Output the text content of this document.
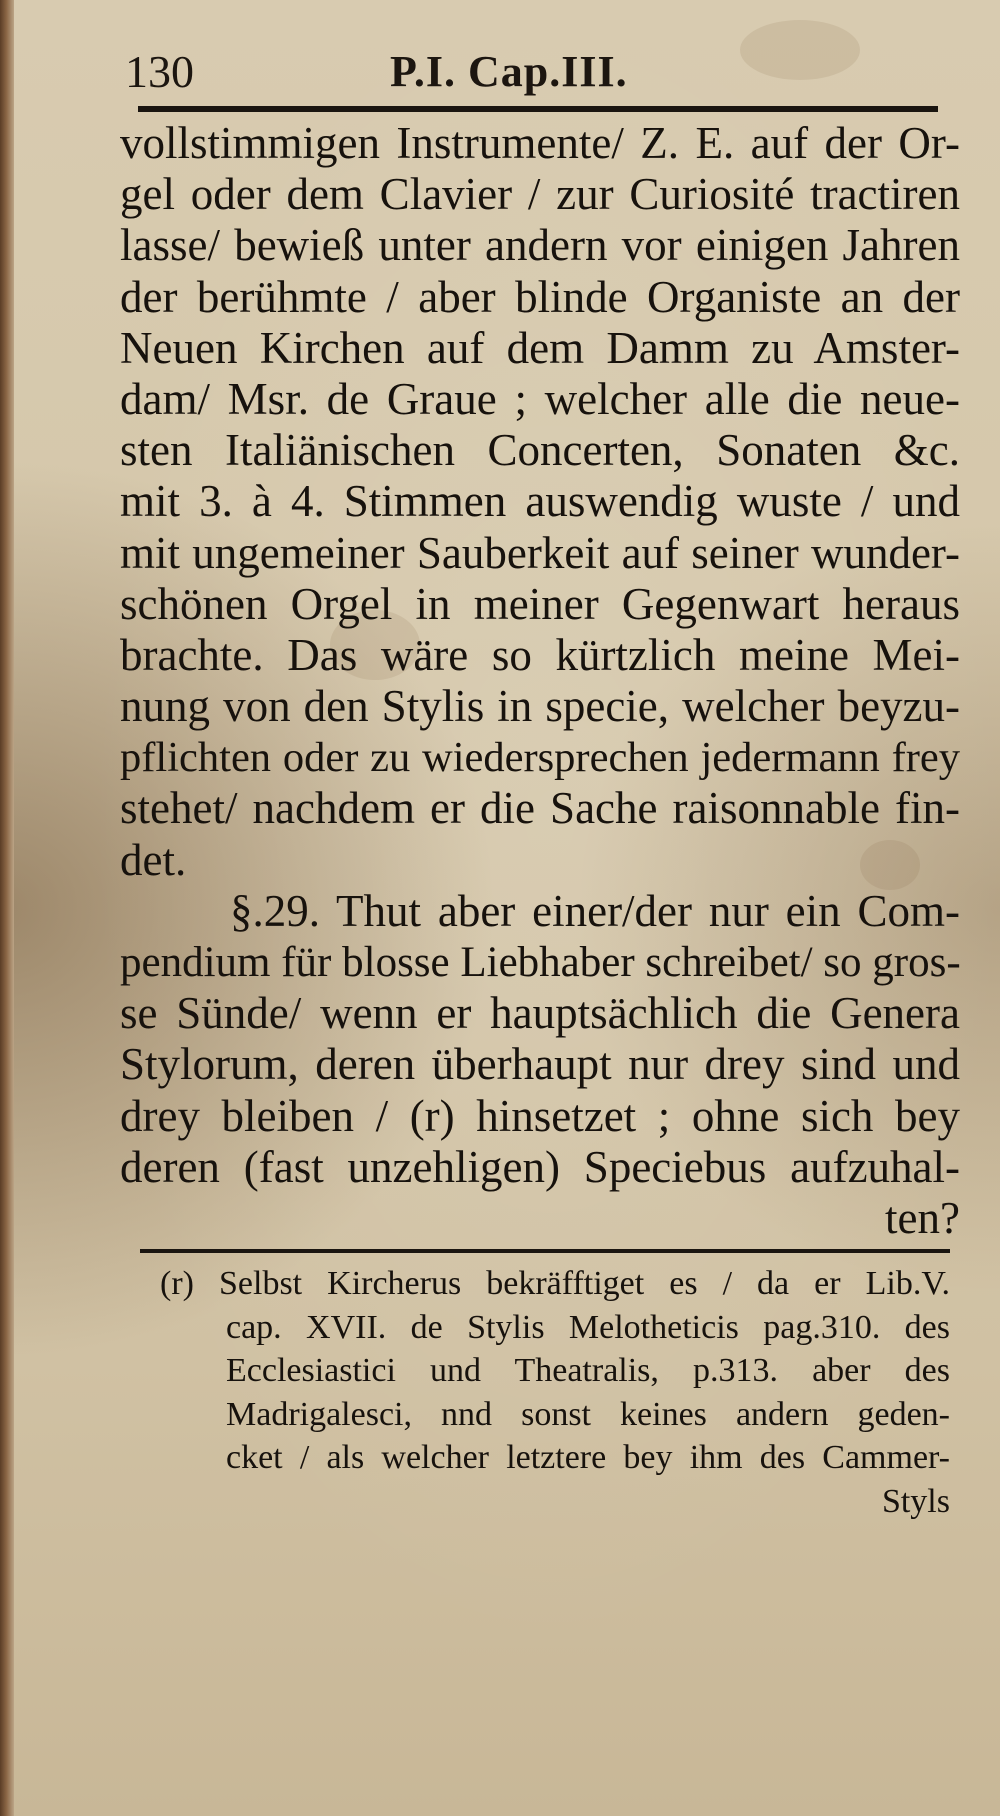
130	P.I. Cap.III.
vollstimmigen Instrumente/ Z. E. auf der Or-
gel oder dem Clavier / zur Curiosité tractiren
lasse/ bewieß unter andern vor einigen Jahren
der berühmte / aber blinde Organiste an der
Neuen Kirchen auf dem Damm zu Amster-
dam/ Msr. de Graue ; welcher alle die neue-
sten Italiänischen Concerten, Sonaten &c.
mit 3. à 4. Stimmen auswendig wuste / und
mit ungemeiner Sauberkeit auf seiner wunder-
schönen Orgel in meiner Gegenwart heraus
brachte. Das wäre so kürtzlich meine Mei-
nung von den Stylis in specie, welcher beyzu-
pflichten oder zu wiedersprechen jedermann frey
stehet/ nachdem er die Sache raisonnable fin-
det.
§.29. Thut aber einer/der nur ein Com-
pendium für blosse Liebhaber schreibet/ so gros-
se Sünde/ wenn er hauptsächlich die Genera
Stylorum, deren überhaupt nur drey sind und
drey bleiben / (r) hinsetzet ; ohne sich bey
deren (fast unzehligen) Speciebus aufzuhal-
ten?
(r) Selbst Kircherus bekräfftiget es / da er Lib.V.
cap. XVII. de Stylis Melotheticis pag.310. des
Ecclesiastici und Theatralis, p.313. aber des
Madrigalesci, nnd sonst keines andern geden-
cket / als welcher letztere bey ihm des Cammer-
Styls
